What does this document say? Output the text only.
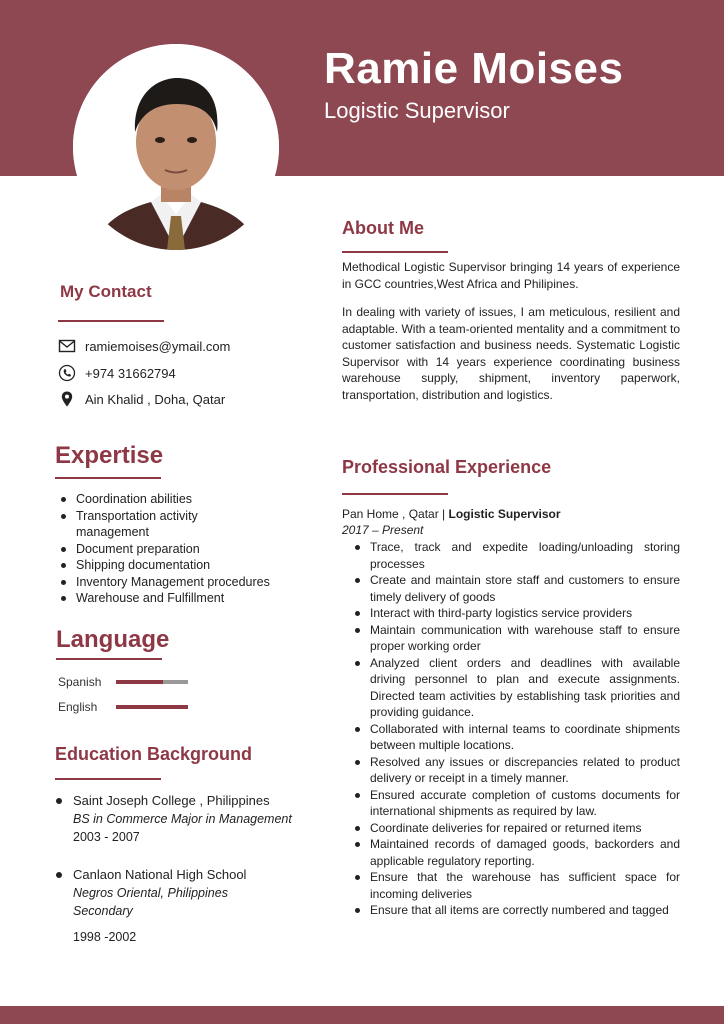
Ramie Moises
Logistic Supervisor
My Contact
ramiemoises@ymail.com
+974 31662794
Ain Khalid , Doha, Qatar
Expertise
Coordination abilities
Transportation activity management
Document preparation
Shipping documentation
Inventory Management procedures
Warehouse and Fulfillment
Language
Spanish
English
Education Background
Saint Joseph College , Philippines
BS in Commerce Major in Management
2003 - 2007
Canlaon National High School
Negros Oriental, Philippines
Secondary
1998 -2002
About Me

Methodical Logistic Supervisor bringing 14 years of experience in GCC countries,West Africa and Philipines.

In dealing with variety of issues, I am meticulous, resilient and adaptable. With a team-oriented mentality and a commitment to customer satisfaction and business needs. Systematic Logistic Supervisor with 14 years experience coordinating business warehouse supply, shipment, inventory paperwork, transportation, distribution and logistics.

Professional Experience
Pan Home , Qatar | Logistic Supervisor
2017 – Present
Trace, track and expedite loading/unloading storing processes
Create and maintain store staff and customers to ensure timely delivery of goods
Interact with third-party logistics service providers
Maintain communication with warehouse staff to ensure proper working order
Analyzed client orders and deadlines with available driving personnel to plan and execute assignments. Directed team activities by establishing task priorities and providing guidance.
Collaborated with internal teams to coordinate shipments between multiple locations.
Resolved any issues or discrepancies related to product delivery or receipt in a timely manner.
Ensured accurate completion of customs documents for international shipments as required by law.
Coordinate deliveries for repaired or returned items
Maintained records of damaged goods, backorders and applicable regulatory reporting.
Ensure that the warehouse has sufficient space for incoming deliveries
Ensure that all items are correctly numbered and tagged
